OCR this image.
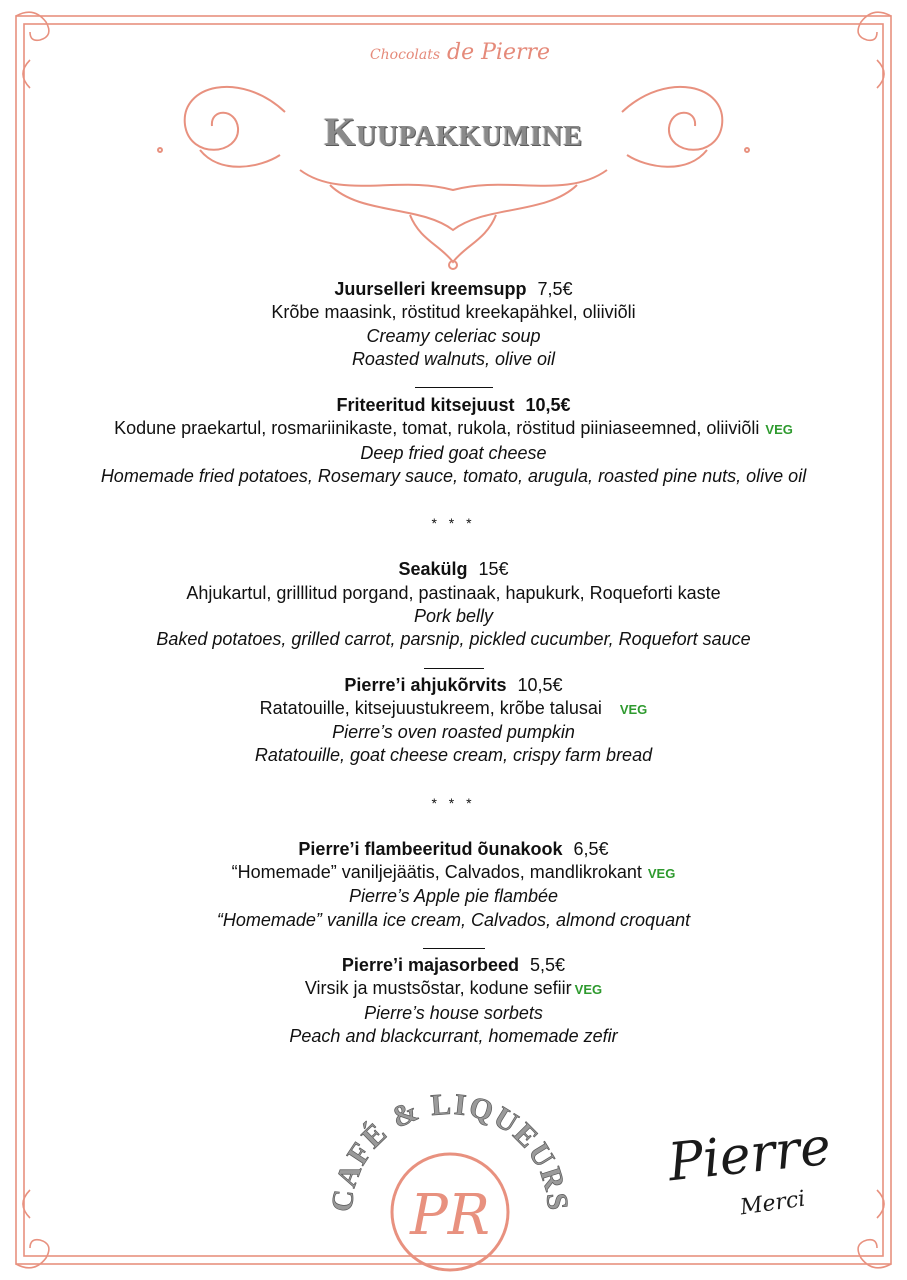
Chocolats de Pierre
Kuupakkumine
Juurselleri kreemsupp 7,5€
Krõbe maasink, röstitud kreekapähkel, oliiviõli
Creamy celeriac soup
Roasted walnuts, olive oil
Friteeritud kitsejuust 10,5€
Kodune praekartul, rosmariinikaste, tomat, rukola, röstitud piiniaseemned, oliiviõli VEG
Deep fried goat cheese
Homemade fried potatoes, Rosemary sauce, tomato, arugula, roasted pine nuts, olive oil
* * *
Seakülg 15€
Ahjukartul, grilllitud porgand, pastinaak, hapukurk, Roqueforti kaste
Pork belly
Baked potatoes, grilled carrot, parsnip, pickled cucumber, Roquefort sauce
Pierre’i ahjukõrvits 10,5€
Ratatouille, kitsejuustukreem, krõbe talusai VEG
Pierre’s oven roasted pumpkin
Ratatouille, goat cheese cream, crispy farm bread
* * *
Pierre’i flambeeritud õunakook 6,5€
“Homemade” vaniljejäätis, Calvados, mandlikrokant VEG
Pierre’s Apple pie flambée
“Homemade” vanilla ice cream, Calvados, almond croquant
Pierre’i majasorbeed 5,5€
Virsik ja mustsõstar, kodune sefiir VEG
Pierre’s house sorbets
Peach and blackcurrant, homemade zefir
AFÉ & LIQUEUR
PR
Pierre
Merci
